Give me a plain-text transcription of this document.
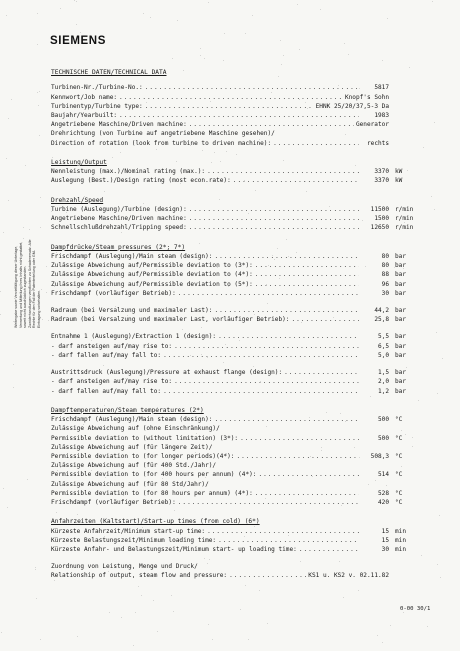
SIEMENS
Weitergabe sowie Vervielfältigung dieser Unterlage, Verwertung und Mitteilung ihres Inhalts nicht gestattet, soweit nicht ausdrücklich zugestanden. Zuwiderhandlungen verpflichten zu Schadenersatz. Alle Rechte für den Fall der Patenterteilung oder GM-Eintragung vorbehalten.
TECHNISCHE DATEN/TECHNICAL DATA
Turbinen-Nr./Turbine-No.: .....	5817
Kennwort/Job name: .....	Knopf's Sohn
Turbinentyp/Turbine type: .....	EHNK 25/20/37,5-3 Da
Baujahr/Yearbuilt: .....	1983
Angetriebene Maschine/Driven machine: .....	Generator
Drehrichtung (von Turbine auf angetriebene Maschine gesehen)/
Direction of rotation (look from turbine to driven machine): .....	rechts
Leistung/Output
Nennleistung (max.)/Nominal rating (max.): .....	3370 kW
Auslegung (Best.)/Design rating (most econ.rate): .....	3370 kW
Drehzahl/Speed
Turbine (Auslegung)/Turbine (design): .....	11500 r/min
Angetriebene Maschine/Driven machine: .....	1500 r/min
Schnellschlußdrehzahl/Tripping speed: .....	12650 r/min
Dampfdrücke/Steam pressures (2*; 7*)
Frischdampf (Auslegung)/Main steam (design): .....	80 bar
Zulässige Abweichung auf/Permissible deviation to (3*): .....	80 bar
Zulässige Abweichung auf/Permissible deviation to (4*): .....	88 bar
Zulässige Abweichung auf/Permissible deviation to (5*): .....	96 bar
Frischdampf (vorläufiger Betrieb): .....	30 bar
Radraum (bei Versalzung und maximaler Last): .....	44,2 bar
Radraum (bei Versalzung und maximaler Last, vorläufiger Betrieb): .....	25,8 bar
Entnahme 1 (Auslegung)/Extraction 1 (design): .....	5,5 bar
- darf ansteigen auf/may rise to: .....	6,5 bar
- darf fallen auf/may fall to: .....	5,0 bar
Austrittsdruck (Auslegung)/Pressure at exhaust flange (design): .....	1,5 bar
- darf ansteigen auf/may rise to: .....	2,0 bar
- darf fallen auf/may fall to: .....	1,2 bar
Dampftemperaturen/Steam temperatures (2*)
Frischdampf (Auslegung)/Main steam (design): .....	500 °C
Zulässige Abweichung auf (ohne Einschränkung)/
Permissible deviation to (without limitation) (3*): .....	500 °C
Zulässige Abweichung auf (für längere Zeit)/
Permissible deviation to (for longer periods)(4*): .....	508,3 °C
Zulässige Abweichung auf (für 400 Std./Jahr)/
Permissible deviation to (for 400 hours per annum) (4*): .....	514 °C
Zulässige Abweichung auf (für 80 Std/Jahr)/
Permissible deviation to (for 80 hours per annum) (4*): .....	528 °C
Frischdampf (vorläufiger Betrieb): .....	420 °C
Anfahrzeiten (Kaltstart)/Start-up times (from cold) (6*)
Kürzeste Anfahrzeit/Minimum start-up time: .....	15 min
Kürzeste Belastungszeit/Minimum loading time: .....	15 min
Kürzeste Anfahr- und Belastungszeit/Minimum start- up loading time: .....	30 min
Zuordnung von Leistung, Menge und Druck/
Relationship of output, steam flow and pressure: .....	KS1 u. KS2 v. 02.11.82
0-00 30/1
